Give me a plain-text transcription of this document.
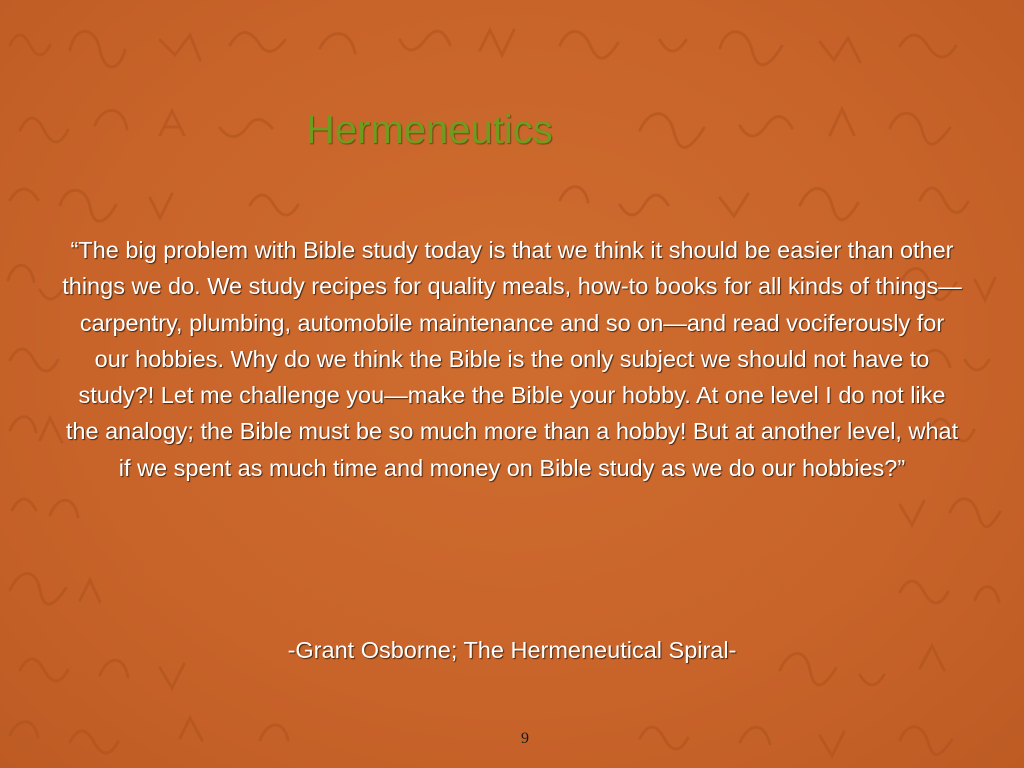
Hermeneutics
“The big problem with Bible study today is that we think it should be easier than other things we do. We study recipes for quality meals, how-to books for all kinds of things—carpentry, plumbing, automobile maintenance and so on—and read vociferously for our hobbies. Why do we think the Bible is the only subject we should not have to study?! Let me challenge you—make the Bible your hobby. At one level I do not like the analogy; the Bible must be so much more than a hobby! But at another level, what if we spent as much time and money on Bible study as we do our hobbies?”
-Grant Osborne; The Hermeneutical Spiral-
9
